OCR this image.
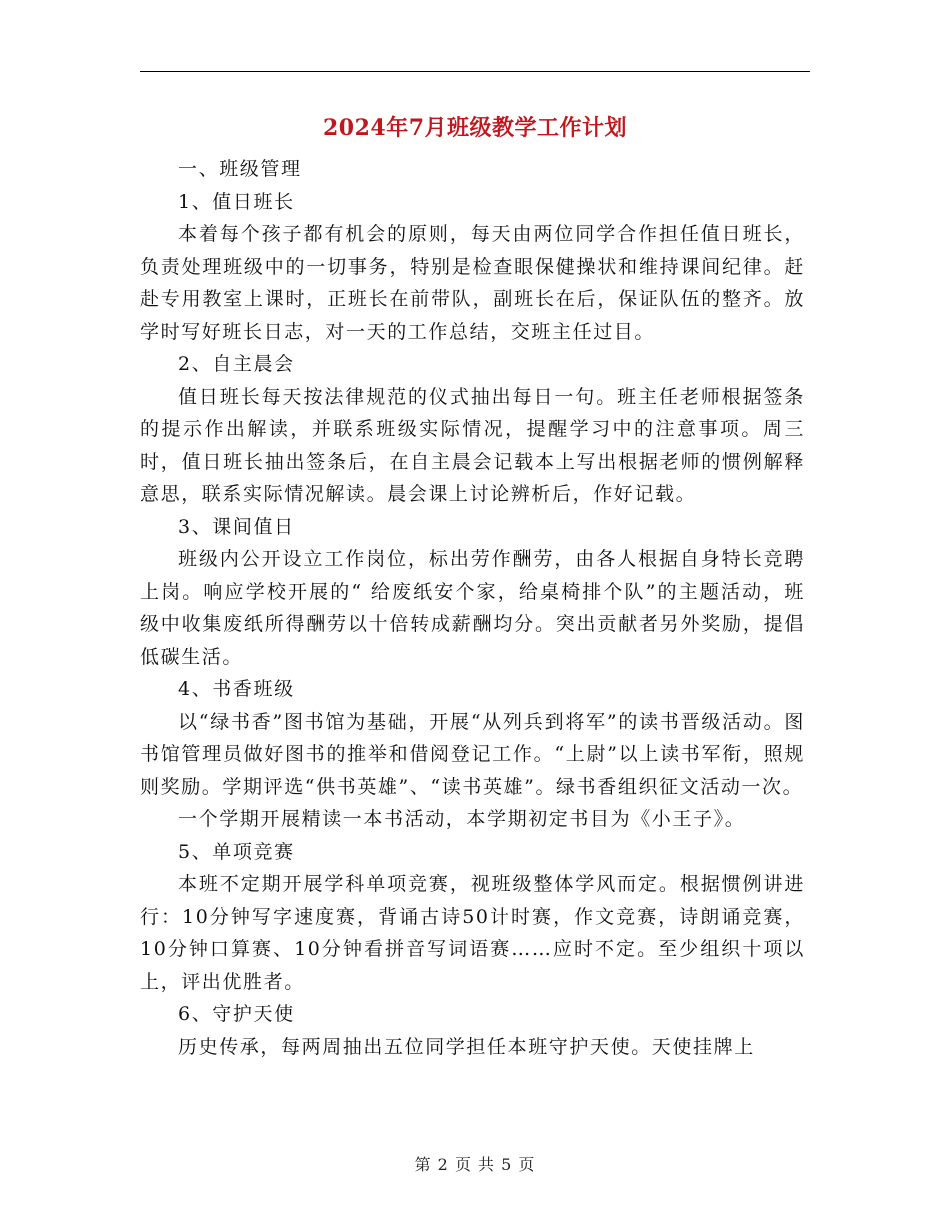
2024年7月班级教学工作计划

一、班级管理

1、值日班长

本着每个孩子都有机会的原则，每天由两位同学合作担任值日班长，负责处理班级中的一切事务，特别是检查眼保健操状和维持课间纪律。赶赴专用教室上课时，正班长在前带队，副班长在后，保证队伍的整齐。放学时写好班长日志，对一天的工作总结，交班主任过目。

2、自主晨会

值日班长每天按法律规范的仪式抽出每日一句。班主任老师根据签条的提示作出解读，并联系班级实际情况，提醒学习中的注意事项。周三时，值日班长抽出签条后，在自主晨会记载本上写出根据老师的惯例解释意思，联系实际情况解读。晨会课上讨论辨析后，作好记载。

3、课间值日

班级内公开设立工作岗位，标出劳作酬劳，由各人根据自身特长竞聘上岗。响应学校开展的“ 给废纸安个家，给桌椅排个队”的主题活动，班级中收集废纸所得酬劳以十倍转成薪酬均分。突出贡献者另外奖励，提倡低碳生活。

4、书香班级

以“绿书香”图书馆为基础，开展“从列兵到将军”的读书晋级活动。图书馆管理员做好图书的推举和借阅登记工作。“上尉”以上读书军衔，照规则奖励。学期评选“供书英雄”、“读书英雄”。绿书香组织征文活动一次。

一个学期开展精读一本书活动，本学期初定书目为《小王子》。

5、单项竞赛

本班不定期开展学科单项竞赛，视班级整体学风而定。根据惯例讲进行：10分钟写字速度赛，背诵古诗50计时赛，作文竞赛，诗朗诵竞赛，10分钟口算赛、10分钟看拼音写词语赛……应时不定。至少组织十项以上，评出优胜者。

6、守护天使

历史传承，每两周抽出五位同学担任本班守护天使。天使挂牌上

第 2 页 共 5 页
